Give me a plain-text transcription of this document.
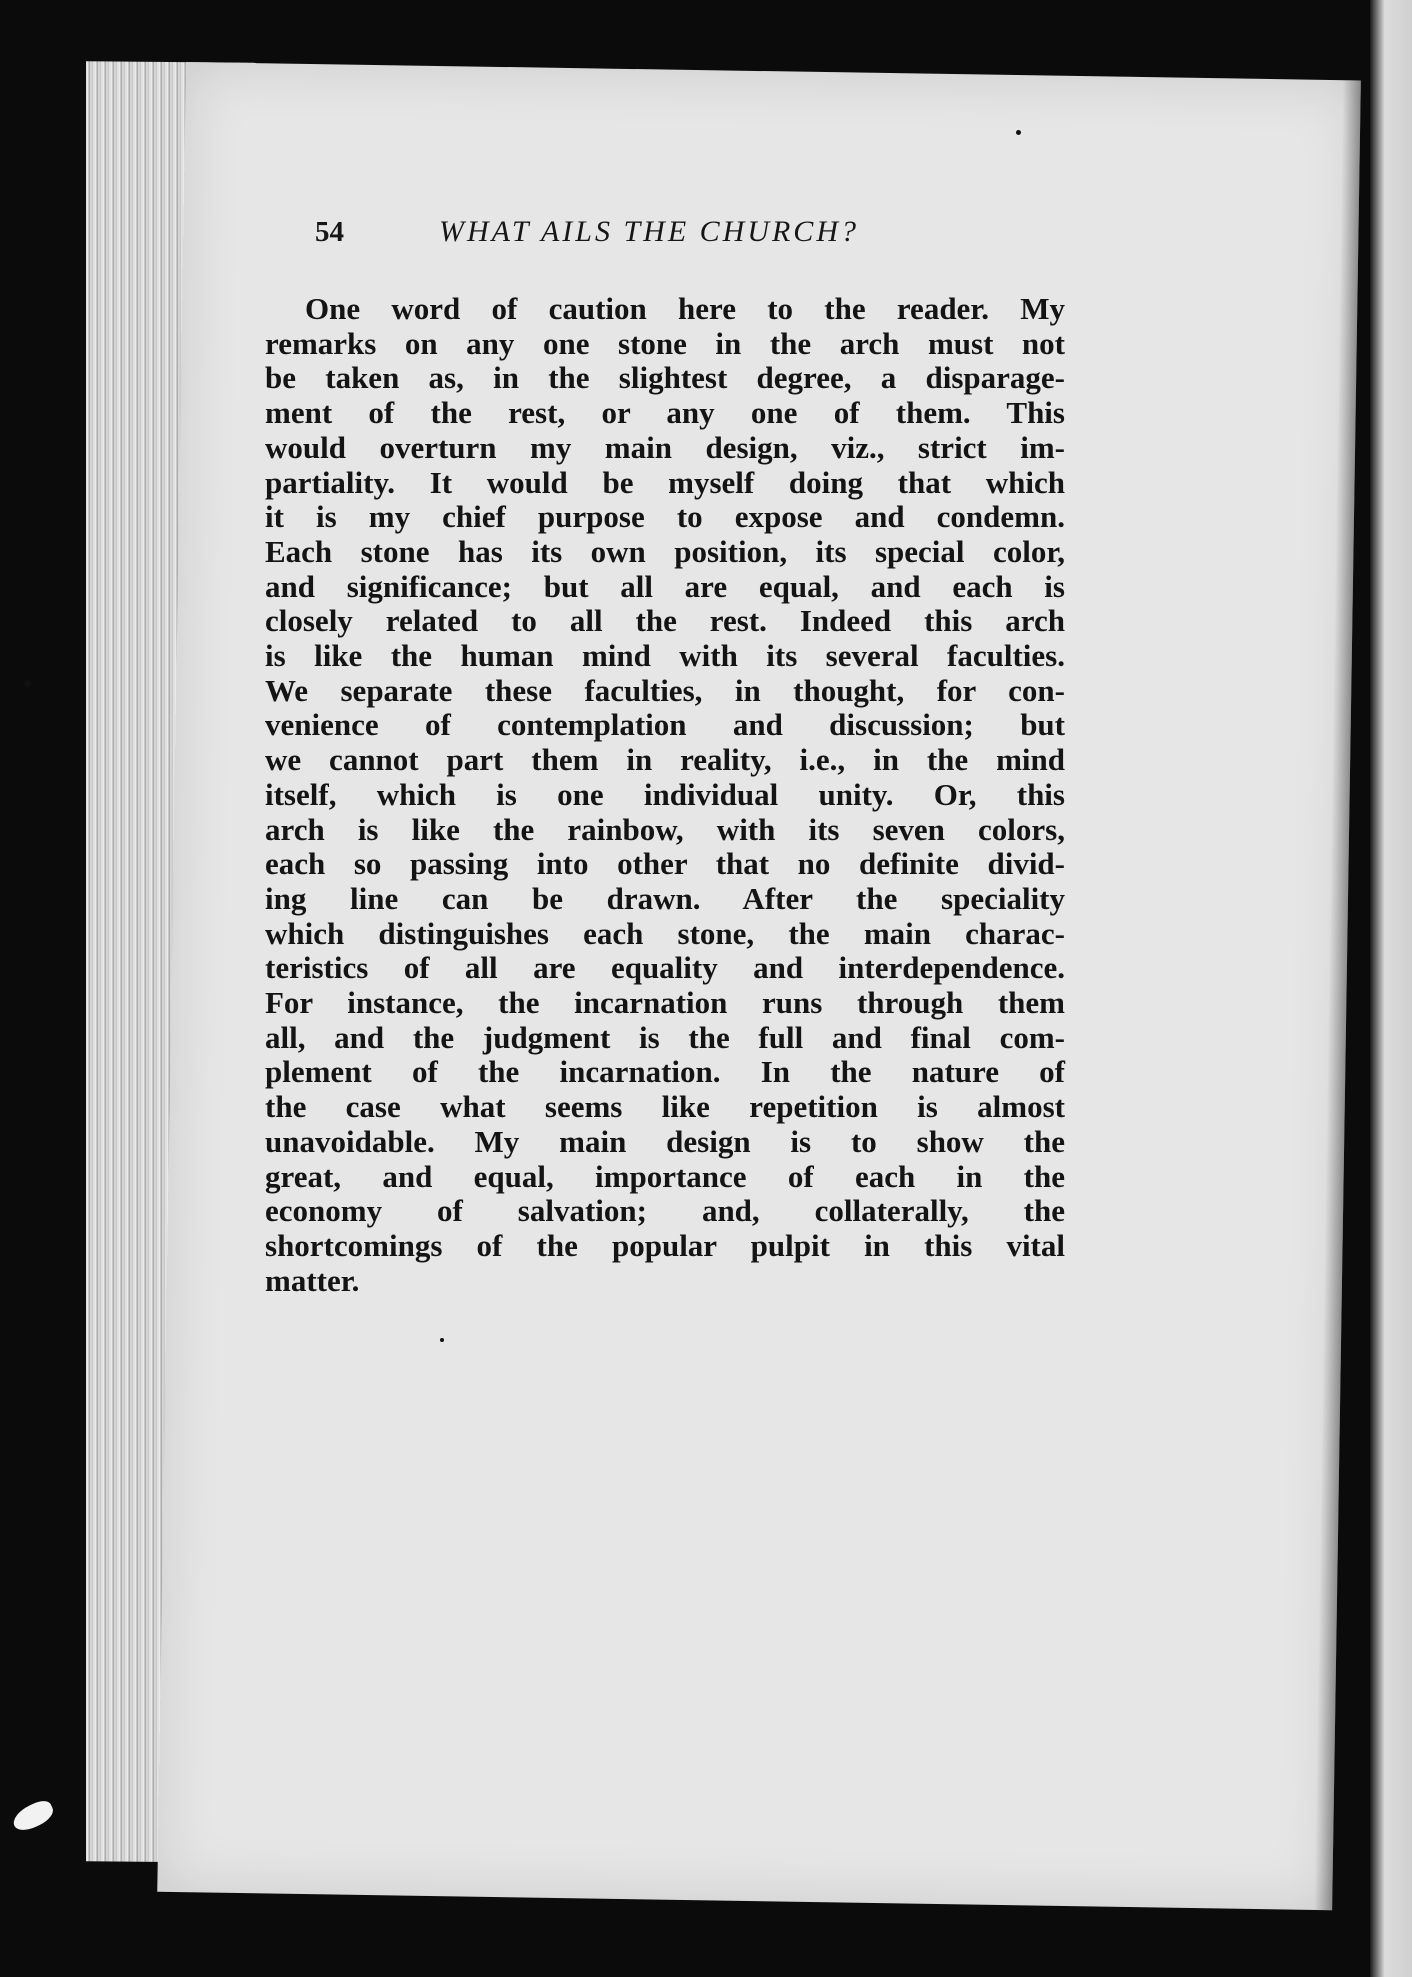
54	WHAT AILS THE CHURCH?
One word of caution here to the reader. My
remarks on any one stone in the arch must not
be taken as, in the slightest degree, a disparage-
ment of the rest, or any one of them. This
would overturn my main design, viz., strict im-
partiality. It would be myself doing that which
it is my chief purpose to expose and condemn.
Each stone has its own position, its special color,
and significance; but all are equal, and each is
closely related to all the rest. Indeed this arch
is like the human mind with its several faculties.
We separate these faculties, in thought, for con-
venience of contemplation and discussion; but
we cannot part them in reality, i.e., in the mind
itself, which is one individual unity. Or, this
arch is like the rainbow, with its seven colors,
each so passing into other that no definite divid-
ing line can be drawn. After the speciality
which distinguishes each stone, the main charac-
teristics of all are equality and interdependence.
For instance, the incarnation runs through them
all, and the judgment is the full and final com-
plement of the incarnation. In the nature of
the case what seems like repetition is almost
unavoidable. My main design is to show the
great, and equal, importance of each in the
economy of salvation; and, collaterally, the
shortcomings of the popular pulpit in this vital
matter.
